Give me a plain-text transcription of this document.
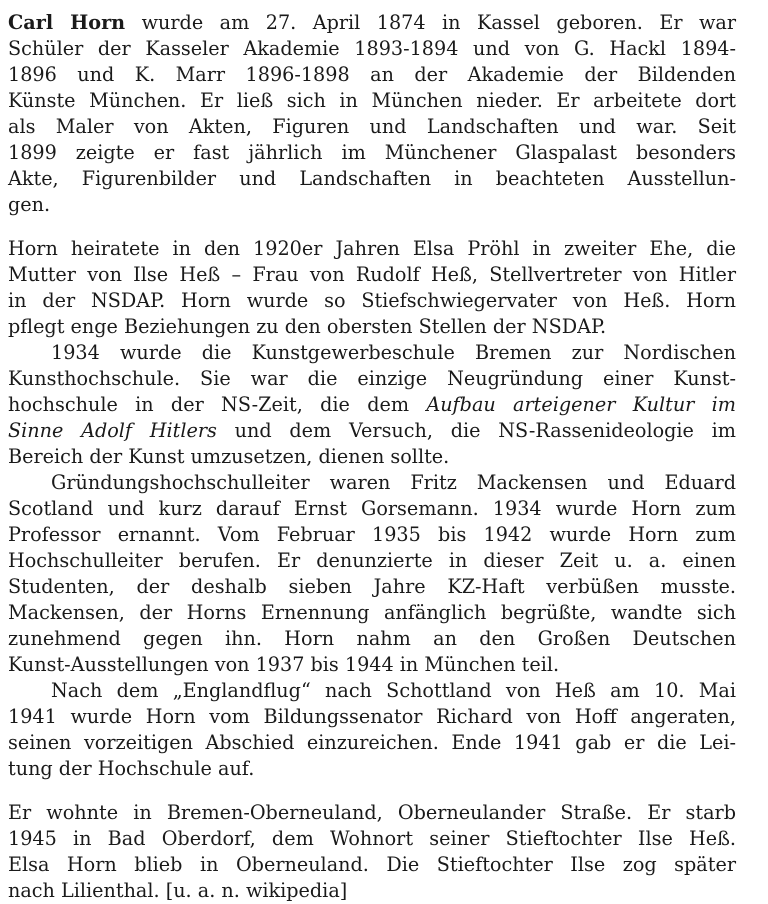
Carl Horn wurde am 27. April 1874 in Kassel geboren. Er war
Schüler der Kasseler Akademie 1893-1894 und von G. Hackl 1894-
1896 und K. Marr 1896-1898 an der Akademie der Bildenden
Künste München. Er ließ sich in München nieder. Er arbeitete dort
als Maler von Akten, Figuren und Landschaften und war. Seit
1899 zeigte er fast jährlich im Münchener Glaspalast besonders
Akte, Figurenbilder und Landschaften in beachteten Ausstellun-
gen.
Horn heiratete in den 1920er Jahren Elsa Pröhl in zweiter Ehe, die
Mutter von Ilse Heß – Frau von Rudolf Heß, Stellvertreter von Hitler
in der NSDAP. Horn wurde so Stiefschwiegervater von Heß. Horn
pflegt enge Beziehungen zu den obersten Stellen der NSDAP.
1934 wurde die Kunstgewerbeschule Bremen zur Nordischen
Kunsthochschule. Sie war die einzige Neugründung einer Kunst-
hochschule in der NS-Zeit, die dem Aufbau arteigener Kultur im
Sinne Adolf Hitlers und dem Versuch, die NS-Rassenideologie im
Bereich der Kunst umzusetzen, dienen sollte.
Gründungshochschulleiter waren Fritz Mackensen und Eduard
Scotland und kurz darauf Ernst Gorsemann. 1934 wurde Horn zum
Professor ernannt. Vom Februar 1935 bis 1942 wurde Horn zum
Hochschulleiter berufen. Er denunzierte in dieser Zeit u. a. einen
Studenten, der deshalb sieben Jahre KZ-Haft verbüßen musste.
Mackensen, der Horns Ernennung anfänglich begrüßte, wandte sich
zunehmend gegen ihn. Horn nahm an den Großen Deutschen
Kunst-Ausstellungen von 1937 bis 1944 in München teil.
Nach dem „Englandflug“ nach Schottland von Heß am 10. Mai
1941 wurde Horn vom Bildungssenator Richard von Hoff angeraten,
seinen vorzeitigen Abschied einzureichen. Ende 1941 gab er die Lei-
tung der Hochschule auf.
Er wohnte in Bremen-Oberneuland, Oberneulander Straße. Er starb
1945 in Bad Oberdorf, dem Wohnort seiner Stieftochter Ilse Heß.
Elsa Horn blieb in Oberneuland. Die Stieftochter Ilse zog später
nach Lilienthal. [u. a. n. wikipedia]
